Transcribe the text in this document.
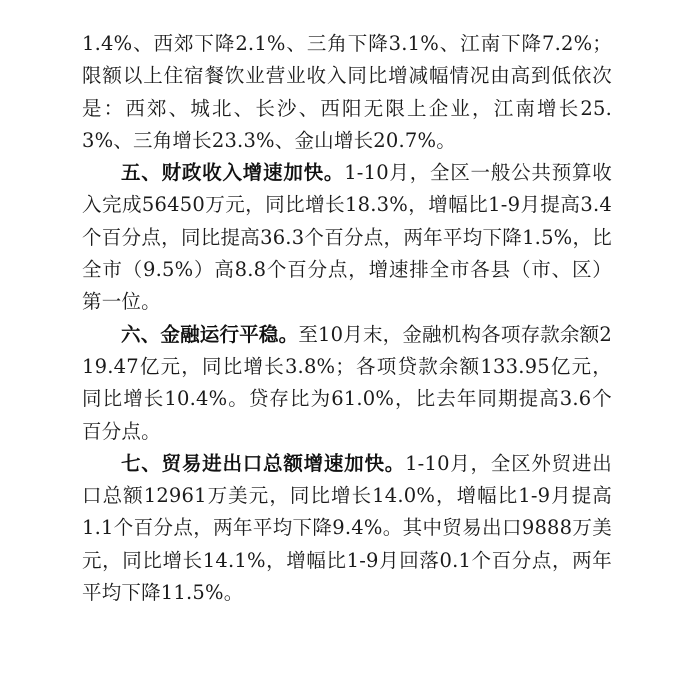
1.4%、西郊下降2.1%、三角下降3.1%、江南下降7.2%；限额以上住宿餐饮业营业收入同比增减幅情况由高到低依次是：西郊、城北、长沙、西阳无限上企业，江南增长25.3%、三角增长23.3%、金山增长20.7%。

五、财政收入增速加快。1-10月，全区一般公共预算收入完成56450万元，同比增长18.3%，增幅比1-9月提高3.4个百分点，同比提高36.3个百分点，两年平均下降1.5%，比全市（9.5%）高8.8个百分点，增速排全市各县（市、区）第一位。

六、金融运行平稳。至10月末，金融机构各项存款余额219.47亿元，同比增长3.8%；各项贷款余额133.95亿元，同比增长10.4%。贷存比为61.0%，比去年同期提高3.6个百分点。

七、贸易进出口总额增速加快。1-10月，全区外贸进出口总额12961万美元，同比增长14.0%，增幅比1-9月提高1.1个百分点，两年平均下降9.4%。其中贸易出口9888万美元，同比增长14.1%，增幅比1-9月回落0.1个百分点，两年平均下降11.5%。
